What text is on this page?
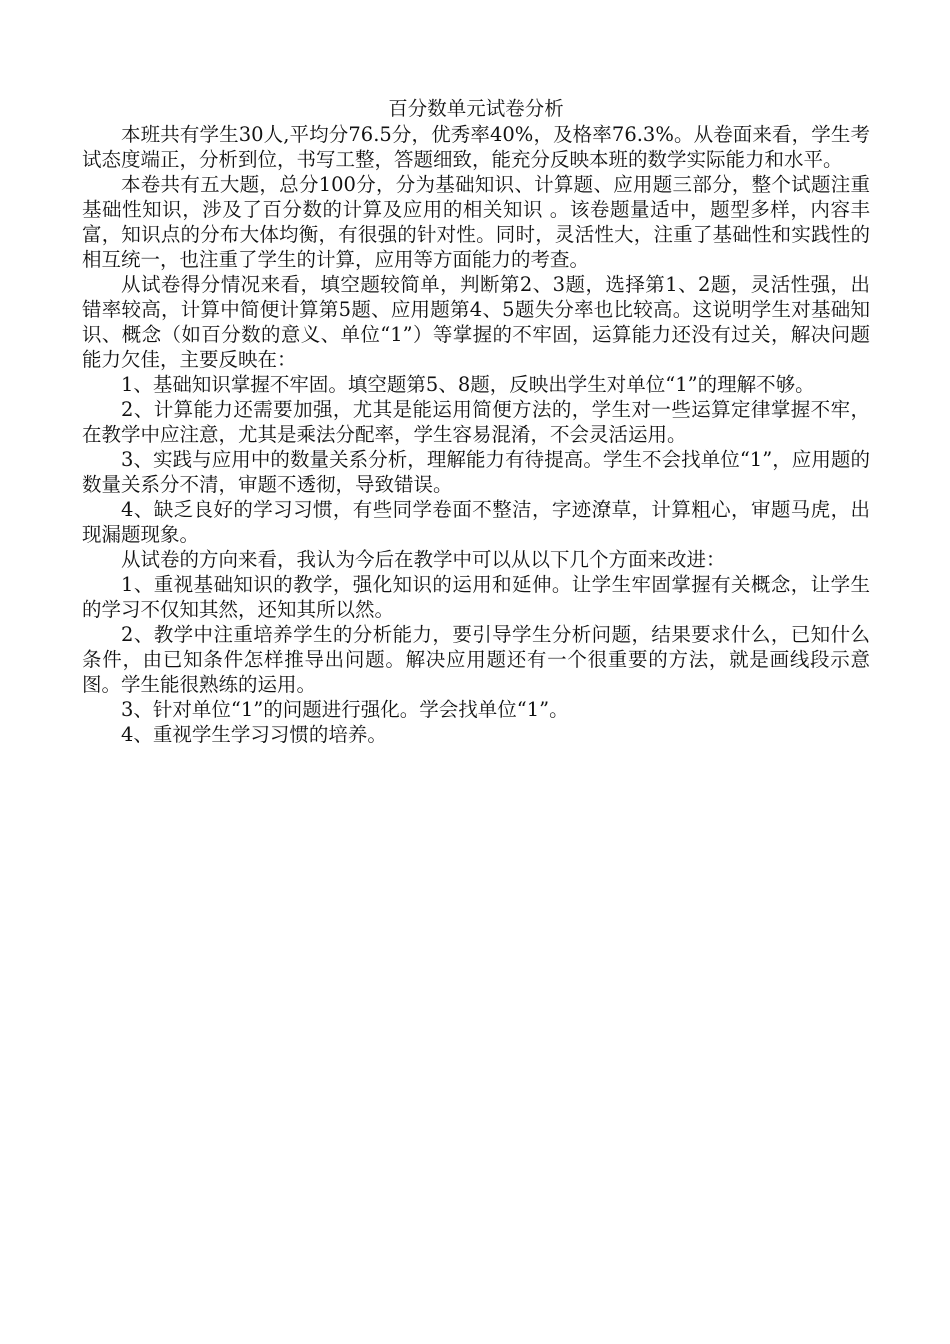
百分数单元试卷分析

本班共有学生30人,平均分76.5分，优秀率40%，及格率76.3%。从卷面来看，学生考试态度端正，分析到位，书写工整，答题细致，能充分反映本班的数学实际能力和水平。

本卷共有五大题，总分100分，分为基础知识、计算题、应用题三部分，整个试题注重基础性知识，涉及了百分数的计算及应用的相关知识 。该卷题量适中，题型多样，内容丰富，知识点的分布大体均衡，有很强的针对性。同时，灵活性大，注重了基础性和实践性的相互统一，也注重了学生的计算，应用等方面能力的考查。

从试卷得分情况来看，填空题较简单，判断第2、3题，选择第1、2题，灵活性强，出错率较高，计算中简便计算第5题、应用题第4、5题失分率也比较高。这说明学生对基础知识、概念（如百分数的意义、单位“1”）等掌握的不牢固，运算能力还没有过关，解决问题能力欠佳，主要反映在：

1、基础知识掌握不牢固。填空题第5、8题，反映出学生对单位“1”的理解不够。

2、计算能力还需要加强，尤其是能运用简便方法的，学生对一些运算定律掌握不牢，在教学中应注意，尤其是乘法分配率，学生容易混淆，不会灵活运用。

3、实践与应用中的数量关系分析，理解能力有待提高。学生不会找单位“1”，应用题的数量关系分不清，审题不透彻，导致错误。

4、缺乏良好的学习习惯，有些同学卷面不整洁，字迹潦草，计算粗心，审题马虎，出现漏题现象。

从试卷的方向来看，我认为今后在教学中可以从以下几个方面来改进：

1、重视基础知识的教学，强化知识的运用和延伸。让学生牢固掌握有关概念，让学生的学习不仅知其然，还知其所以然。

2、教学中注重培养学生的分析能力，要引导学生分析问题，结果要求什么，已知什么条件，由已知条件怎样推导出问题。解决应用题还有一个很重要的方法，就是画线段示意图。学生能很熟练的运用。

3、针对单位“1”的问题进行强化。学会找单位“1”。

4、重视学生学习习惯的培养。
